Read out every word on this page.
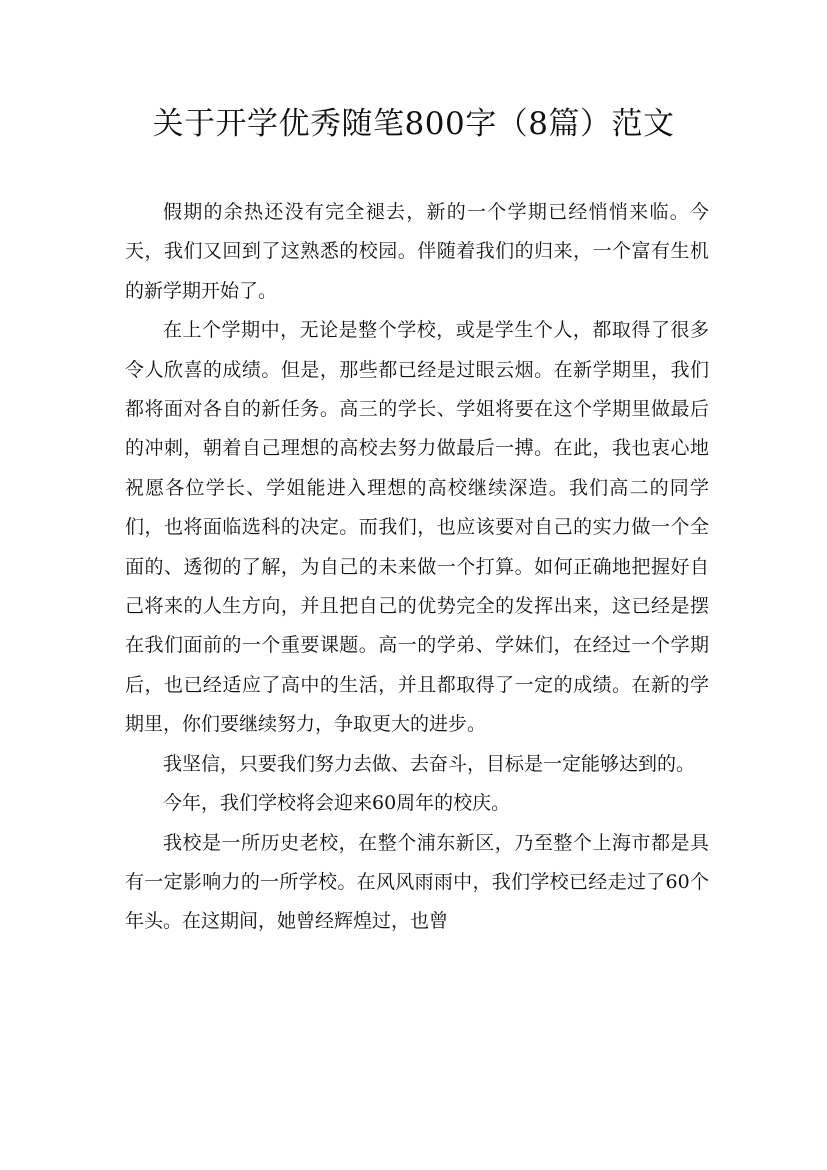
关于开学优秀随笔800字（8篇）范文

假期的余热还没有完全褪去，新的一个学期已经悄悄来临。今天，我们又回到了这熟悉的校园。伴随着我们的归来，一个富有生机的新学期开始了。

在上个学期中，无论是整个学校，或是学生个人，都取得了很多令人欣喜的成绩。但是，那些都已经是过眼云烟。在新学期里，我们都将面对各自的新任务。高三的学长、学姐将要在这个学期里做最后的冲刺，朝着自己理想的高校去努力做最后一搏。在此，我也衷心地祝愿各位学长、学姐能进入理想的高校继续深造。我们高二的同学们，也将面临选科的决定。而我们，也应该要对自己的实力做一个全面的、透彻的了解，为自己的未来做一个打算。如何正确地把握好自己将来的人生方向，并且把自己的优势完全的发挥出来，这已经是摆在我们面前的一个重要课题。高一的学弟、学妹们，在经过一个学期后，也已经适应了高中的生活，并且都取得了一定的成绩。在新的学期里，你们要继续努力，争取更大的进步。

我坚信，只要我们努力去做、去奋斗，目标是一定能够达到的。

今年，我们学校将会迎来60周年的校庆。

我校是一所历史老校，在整个浦东新区，乃至整个上海市都是具有一定影响力的一所学校。在风风雨雨中，我们学校已经走过了60个年头。在这期间，她曾经辉煌过，也曾
